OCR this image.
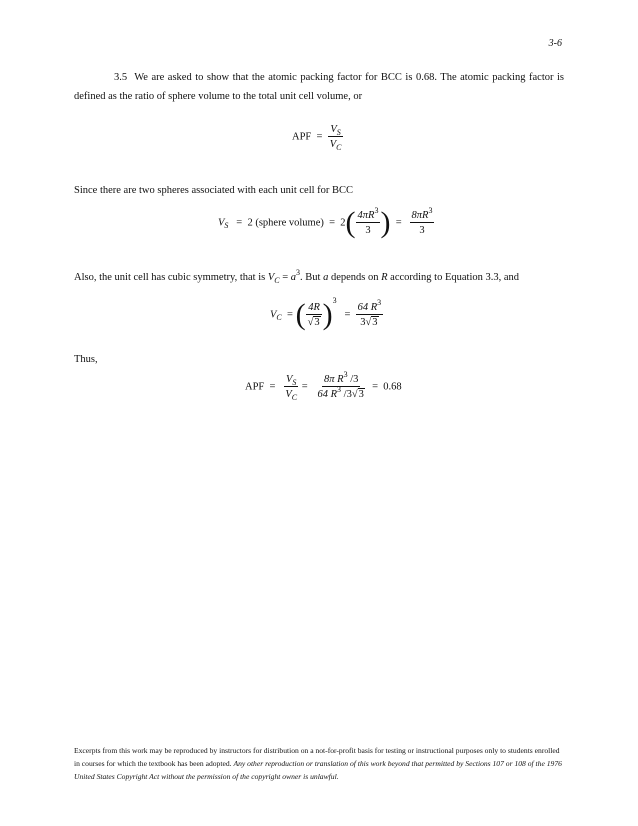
3-6
3.5 We are asked to show that the atomic packing factor for BCC is 0.68. The atomic packing factor is defined as the ratio of sphere volume to the total unit cell volume, or
APF = $\frac{V_S}{V_C}$
Since there are two spheres associated with each unit cell for BCC
$V_S = 2$ (sphere volume) = $2( \frac{4\pi R^3}{3}$ ) = $\frac{8\pi R^3}{3}$
Also, the unit cell has cubic symmetry, that is $V_C = a^3$. But a depends on R according to Equation 3.3, and
$V_C$ = ( $\frac{4R}{√3} )^3 = \frac{64 R^3}{3√3}$
Thus,
APF = $\frac{V_S}{V_C} = \frac{8\pi R^3 /3}{64 R^3 /3√3} = 0.68$
Excerpts from this work may be reproduced by instructors for distribution on a not-for-profit basis for testing or instructional purposes only to students enrolled in courses for which the textbook has been adopted. Any other reproduction or translation of this work beyond that permitted by Sections 107 or 108 of the 1976 United States Copyright Act without the permission of the copyright owner is unlawful.
